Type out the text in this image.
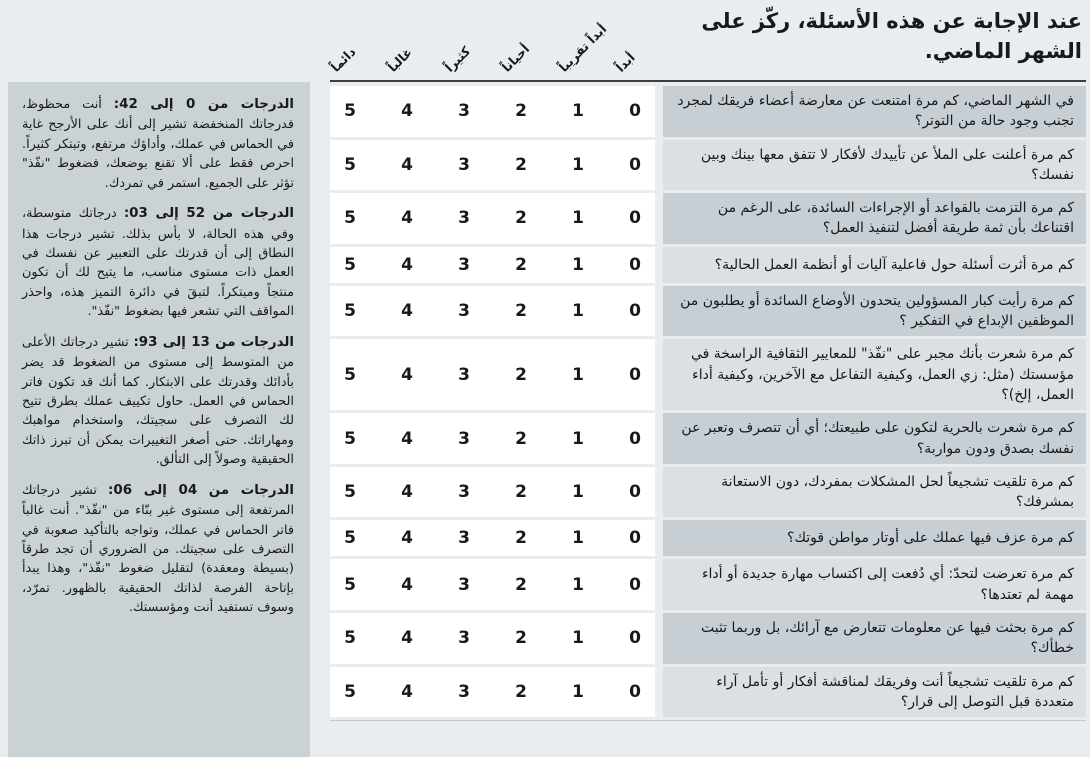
عند الإجابة عن هذه الأسئلة، ركّز على الشهر الماضي.
أبداً
أبداً تقريباً
أحياناً
كثيراً
غالباً
دائماً
في الشهر الماضي، كم مرة امتنعت عن معارضة أعضاء فريقك لمجرد تجنب وجود حالة من التوتر؟
0
1
2
3
4
5
كم مرة أعلنت على الملأ عن تأييدك لأفكار لا تتفق معها بينك وبين نفسك؟
0
1
2
3
4
5
كم مرة التزمت بالقواعد أو الإجراءات السائدة، على الرغم من اقتناعك بأن ثمة طريقة أفضل لتنفيذ العمل؟
0
1
2
3
4
5
كم مرة أثرت أسئلة حول فاعلية آليات أو أنظمة العمل الحالية؟
0
1
2
3
4
5
كم مرة رأيت كبار المسؤولين يتحدون الأوضاع السائدة أو يطلبون من الموظفين الإبداع في التفكير ؟
0
1
2
3
4
5
كم مرة شعرت بأنك مجبر على "نفّذ" للمعايير الثقافية الراسخة في مؤسستك (مثل: زي العمل، وكيفية التفاعل مع الآخرين، وكيفية أداء العمل، إلخ)؟
0
1
2
3
4
5
كم مرة شعرت بالحرية لتكون على طبيعتك؛ أي أن تتصرف وتعبر عن نفسك بصدق ودون مواربة؟
0
1
2
3
4
5
كم مرة تلقيت تشجيعاً لحل المشكلات بمفردك، دون الاستعانة بمشرفك؟
0
1
2
3
4
5
كم مرة عزف فيها عملك على أوتار مواطن قوتك؟
0
1
2
3
4
5
كم مرة تعرضت لتحدّ: أي دُفعت إلى اكتساب مهارة جديدة أو أداء مهمة لم تعتدها؟
0
1
2
3
4
5
كم مرة بحثت فيها عن معلومات تتعارض مع آرائك، بل وربما تثبت خطأك؟
0
1
2
3
4
5
كم مرة تلقيت تشجيعاً أنت وفريقك لمناقشة أفكار أو تأمل آراء متعددة قبل التوصل إلى قرار؟
0
1
2
3
4
5

الدرجات من 0 إلى 42: أنت محظوظ، فدرجاتك المنخفضة تشير إلى أنك على الأرجح غاية في الحماس في عملك، وأداؤك مرتفع، وتبتكر كثيراً. احرص فقط على ألا تقنع بوضعك، فضغوط "نفّذ" تؤثر على الجميع. استمر في تمردك.

الدرجات من 52 إلى 03: درجاتك متوسطة، وفي هذه الحالة، لا بأس بذلك. تشير درجات هذا النطاق إلى أن قدرتك على التعبير عن نفسك في العمل ذات مستوى مناسب، ما يتيح لك أن تكون منتجاً ومبتكراً. لتبقَ في دائرة التميز هذه، واحذر المواقف التي تشعر فيها بضغوط "نفّذ".

الدرجات من 13 إلى 93: تشير درجاتك الأعلى من المتوسط إلى مستوى من الضغوط قد يضر بأدائك وقدرتك على الابتكار. كما أنك قد تكون فاتر الحماس في العمل. حاول تكييف عملك بطرق تتيح لك التصرف على سجيتك، واستخدام مواهبك ومهاراتك. حتى أصغر التغييرات يمكن أن تبرز ذاتك الحقيقية وصولاً إلى التألق.

الدرجات من 04 إلى 06: تشير درجاتك المرتفعة إلى مستوى غير بنّاء من "نفّذ". أنت غالباً فاتر الحماس في عملك، وتواجه بالتأكيد صعوبة في التصرف على سجيتك. من الضروري أن تجد طرقاً (بسيطة ومعقدة) لتقليل ضغوط "نفّذ"، وهذا يبدأ بإتاحة الفرصة لذاتك الحقيقية بالظهور. تمرّد، وسوف تستفيد أنت ومؤسستك.
